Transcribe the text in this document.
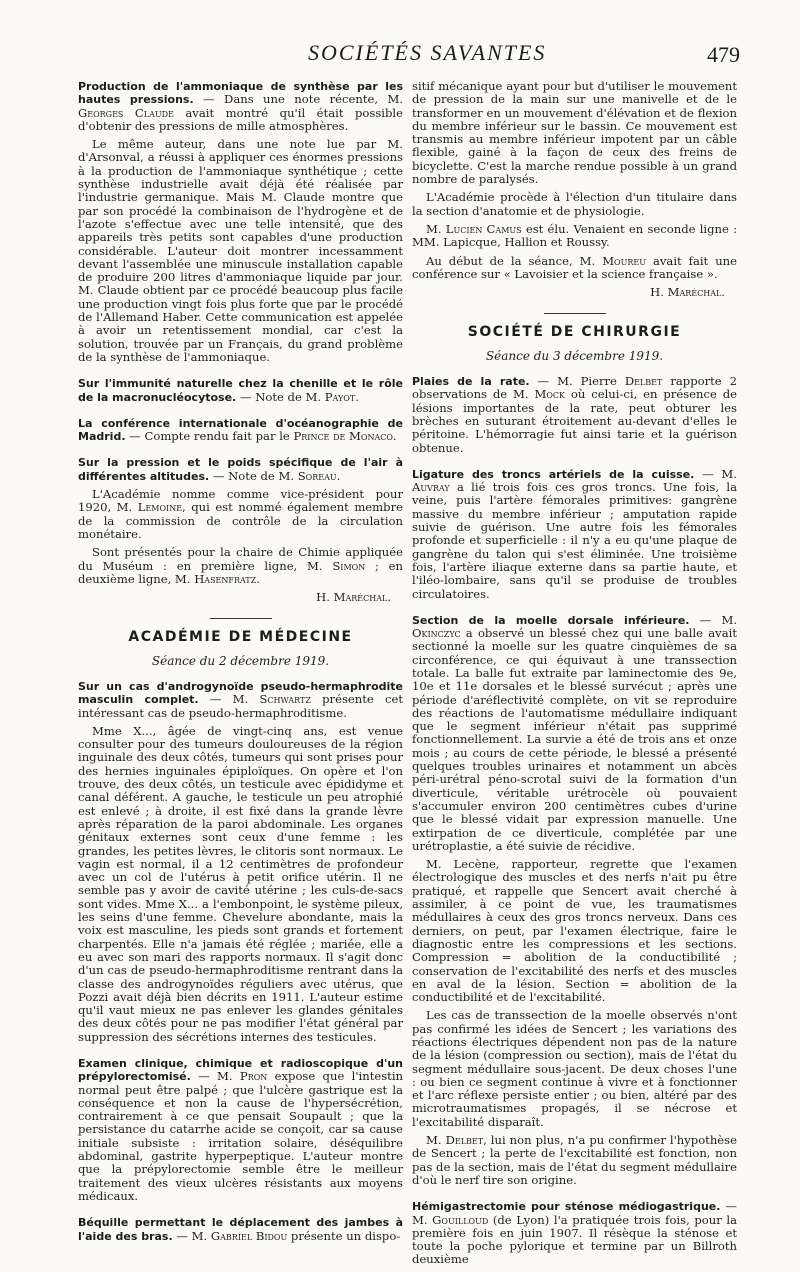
SOCIÉTÉS SAVANTES	479

Production de l'ammoniaque de synthèse par les hautes pressions. — Dans une note récente, M. Georges Claude avait montré qu'il était possible d'obtenir des pressions de mille atmosphères.

Le même auteur, dans une note lue par M. d'Arsonval, a réussi à appliquer ces énormes pressions à la production de l'ammoniaque synthétique ; cette synthèse industrielle avait déjà été réalisée par l'industrie germanique. Mais M. Claude montre que par son procédé la combinaison de l'hydrogène et de l'azote s'effectue avec une telle intensité, que des appareils très petits sont capables d'une production considérable. L'auteur doit montrer incessamment devant l'assemblée une minuscule installation capable de produire 200 litres d'ammoniaque liquide par jour. M. Claude obtient par ce procédé beaucoup plus facile une production vingt fois plus forte que par le procédé de l'Allemand Haber. Cette communication est appelée à avoir un retentissement mondial, car c'est la solution, trouvée par un Français, du grand problème de la synthèse de l'ammoniaque.

Sur l'immunité naturelle chez la chenille et le rôle de la macronucléocytose. — Note de M. Payot.

La conférence internationale d'océanographie de Madrid. — Compte rendu fait par le Prince de Monaco.

Sur la pression et le poids spécifique de l'air à différentes altitudes. — Note de M. Soreau.

L'Académie nomme comme vice-président pour 1920, M. Lemoine, qui est nommé également membre de la commission de contrôle de la circulation monétaire.

Sont présentés pour la chaire de Chimie appliquée du Muséum : en première ligne, M. Simon ; en deuxième ligne, M. Hasenfratz.

H. Maréchal.

ACADÉMIE DE MÉDECINE
Séance du 2 décembre 1919.

Sur un cas d'androgynoïde pseudo-hermaphrodite masculin complet. — M. Schwartz présente cet intéressant cas de pseudo-hermaphroditisme.

Mme X..., âgée de vingt-cinq ans, est venue consulter pour des tumeurs douloureuses de la région inguinale des deux côtés, tumeurs qui sont prises pour des hernies inguinales épiploïques. On opère et l'on trouve, des deux côtés, un testicule avec épididyme et canal déférent. A gauche, le testicule un peu atrophié est enlevé ; à droite, il est fixé dans la grande lèvre après réparation de la paroi abdominale. Les organes génitaux externes sont ceux d'une femme : les grandes, les petites lèvres, le clitoris sont normaux. Le vagin est normal, il a 12 centimètres de profondeur avec un col de l'utérus à petit orifice utérin. Il ne semble pas y avoir de cavité utérine ; les culs-de-sacs sont vides. Mme X... a l'embonpoint, le système pileux, les seins d'une femme. Chevelure abondante, mais la voix est masculine, les pieds sont grands et fortement charpentés. Elle n'a jamais été réglée ; mariée, elle a eu avec son mari des rapports normaux. Il s'agit donc d'un cas de pseudo-hermaphroditisme rentrant dans la classe des androgynoïdes réguliers avec utérus, que Pozzi avait déjà bien décrits en 1911. L'auteur estime qu'il vaut mieux ne pas enlever les glandes génitales des deux côtés pour ne pas modifier l'état général par suppression des sécrétions internes des testicules.

Examen clinique, chimique et radioscopique d'un prépylorectomisé. — M. Pron expose que l'intestin normal peut être palpé ; que l'ulcère gastrique est la conséquence et non la cause de l'hypersécrétion, contrairement à ce que pensait Soupault ; que la persistance du catarrhe acide se conçoit, car sa cause initiale subsiste : irritation solaire, déséquilibre abdominal, gastrite hyperpeptique. L'auteur montre que la prépylorectomie semble être le meilleur traitement des vieux ulcères résistants aux moyens médicaux.

Béquille permettant le déplacement des jambes à l'aide des bras. — M. Gabriel Bidou présente un dispo-

sitif mécanique ayant pour but d'utiliser le mouvement de pression de la main sur une manivelle et de le transformer en un mouvement d'élévation et de flexion du membre inférieur sur le bassin. Ce mouvement est transmis au membre inférieur impotent par un câble flexible, gainé à la façon de ceux des freins de bicyclette. C'est la marche rendue possible à un grand nombre de paralysés.

L'Académie procède à l'élection d'un titulaire dans la section d'anatomie et de physiologie.

M. Lucien Camus est élu. Venaient en seconde ligne : MM. Lapicque, Hallion et Roussy.

Au début de la séance, M. Moureu avait fait une conférence sur « Lavoisier et la science française ».

H. Maréchal.

SOCIÉTÉ DE CHIRURGIE
Séance du 3 décembre 1919.

Plaies de la rate. — M. Pierre Delbet rapporte 2 observations de M. Mock où celui-ci, en présence de lésions importantes de la rate, peut obturer les brèches en suturant étroitement au-devant d'elles le péritoine. L'hémorragie fut ainsi tarie et la guérison obtenue.

Ligature des troncs artériels de la cuisse. — M. Auvray a lié trois fois ces gros troncs. Une fois, la veine, puis l'artère fémorales primitives: gangrène massive du membre inférieur ; amputation rapide suivie de guérison. Une autre fois les fémorales profonde et superficielle : il n'y a eu qu'une plaque de gangrène du talon qui s'est éliminée. Une troisième fois, l'artère iliaque externe dans sa partie haute, et l'iléo-lombaire, sans qu'il se produise de troubles circulatoires.

Section de la moelle dorsale inférieure. — M. Okinczyc a observé un blessé chez qui une balle avait sectionné la moelle sur les quatre cinquièmes de sa circonférence, ce qui équivaut à une transsection totale. La balle fut extraite par laminectomie des 9e, 10e et 11e dorsales et le blessé survécut ; après une période d'aréflectivité complète, on vit se reproduire des réactions de l'automatisme médullaire indiquant que le segment inférieur n'était pas supprimé fonctionnellement. La survie a été de trois ans et onze mois ; au cours de cette période, le blessé a présenté quelques troubles urinaires et notamment un abcès péri-urétral péno-scrotal suivi de la formation d'un diverticule, véritable urétrocèle où pouvaient s'accumuler environ 200 centimètres cubes d'urine que le blessé vidait par expression manuelle. Une extirpation de ce diverticule, complétée par une urétroplastie, a été suivie de récidive.

M. Lecène, rapporteur, regrette que l'examen électrologique des muscles et des nerfs n'ait pu être pratiqué, et rappelle que Sencert avait cherché à assimiler, à ce point de vue, les traumatismes médullaires à ceux des gros troncs nerveux. Dans ces derniers, on peut, par l'examen électrique, faire le diagnostic entre les compressions et les sections. Compression = abolition de la conductibilité ; conservation de l'excitabilité des nerfs et des muscles en aval de la lésion. Section = abolition de la conductibilité et de l'excitabilité.

Les cas de transsection de la moelle observés n'ont pas confirmé les idées de Sencert ; les variations des réactions électriques dépendent non pas de la nature de la lésion (compression ou section), mais de l'état du segment médullaire sous-jacent. De deux choses l'une : ou bien ce segment continue à vivre et à fonctionner et l'arc réflexe persiste entier ; ou bien, altéré par des microtraumatismes propagés, il se nécrose et l'excitabilité disparaît.

M. Delbet, lui non plus, n'a pu confirmer l'hypothèse de Sencert ; la perte de l'excitabilité est fonction, non pas de la section, mais de l'état du segment médullaire d'où le nerf tire son origine.

Hémigastrectomie pour sténose médiogastrique. — M. Gouilloud (de Lyon) l'a pratiquée trois fois, pour la première fois en juin 1907. Il résèque la sténose et toute la poche pylorique et termine par un Billroth deuxième
